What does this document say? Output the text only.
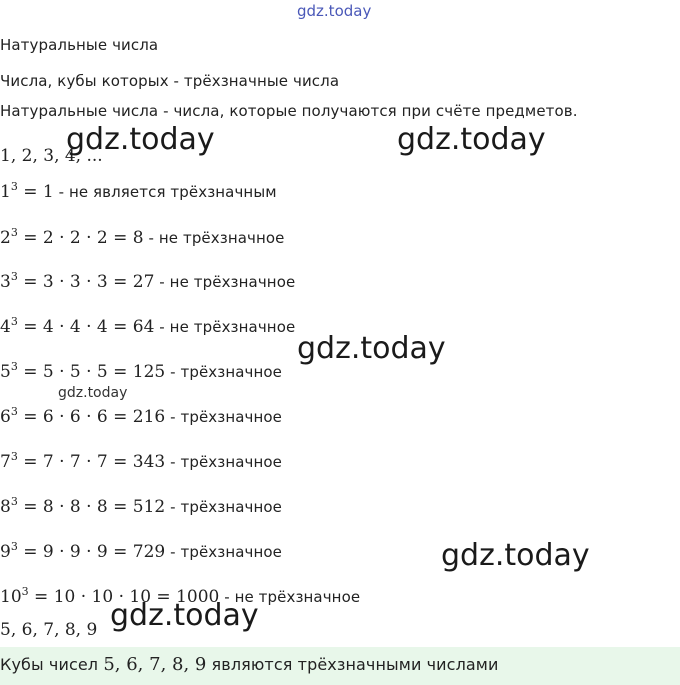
gdz.today
Натуральные числа
Числа, кубы которых - трёхзначные числа
Натуральные числа - числа, которые получаются при счёте предметов.
1, 2, 3, 4, ...
$1^3 = 1$ - не является трёхзначным
$2^3 = 2 \cdot 2 \cdot 2 = 8$ - не трёхзначное
$3^3 = 3 \cdot 3 \cdot 3 = 27$ - не трёхзначное
$4^3 = 4 \cdot 4 \cdot 4 = 64$ - не трёхзначное
$5^3 = 5 \cdot 5 \cdot 5 = 125$ - трёхзначное
$6^3 = 6 \cdot 6 \cdot 6 = 216$ - трёхзначное
$7^3 = 7 \cdot 7 \cdot 7 = 343$ - трёхзначное
$8^3 = 8 \cdot 8 \cdot 8 = 512$ - трёхзначное
$9^3 = 9 \cdot 9 \cdot 9 = 729$ - трёхзначное
$10^3 = 10 \cdot 10 \cdot 10 = 1000$ - не трёхзначное
5, 6, 7, 8, 9
Кубы чисел 5, 6, 7, 8, 9 являются трёхзначными числами
gdz.today	gdz.today
gdz.today
gdz.today
gdz.today
gdz.today
